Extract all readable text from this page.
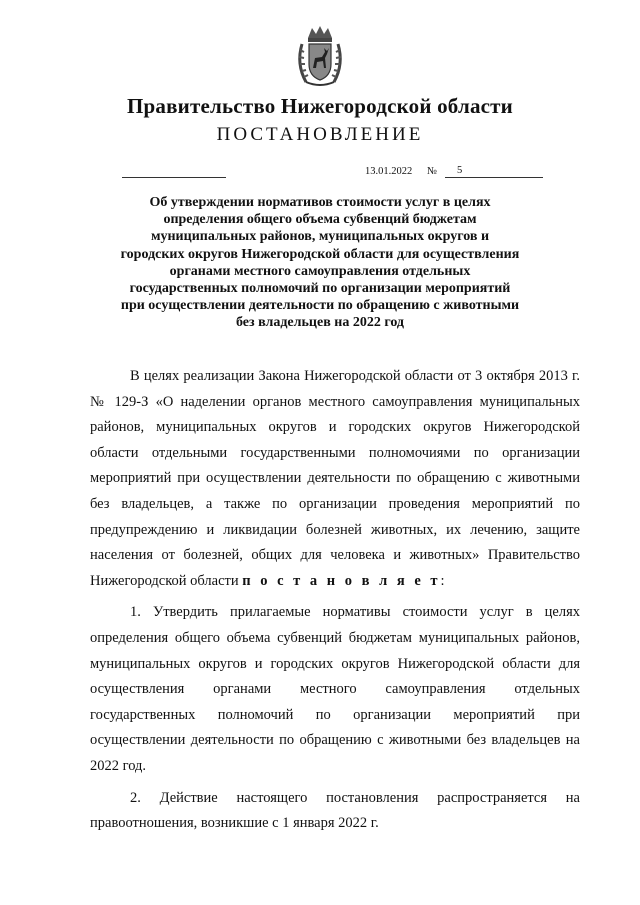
Правительство Нижегородской области
ПОСТАНОВЛЕНИЕ
13.01.2022 №	5
Об утверждении нормативов стоимости услуг в целях определения общего объема субвенций бюджетам муниципальных районов, муниципальных округов и городских округов Нижегородской области для осуществления органами местного самоуправления отдельных государственных полномочий по организации мероприятий при осуществлении деятельности по обращению с животными без владельцев на 2022 год

В целях реализации Закона Нижегородской области от 3 октября 2013 г. № 129-З «О наделении органов местного самоуправления муниципальных районов, муниципальных округов и городских округов Нижегородской области отдельными государственными полномочиями по организации мероприятий при осуществлении деятельности по обращению с животными без владельцев, а также по организации проведения мероприятий по предупреждению и ликвидации болезней животных, их лечению, защите населения от болезней, общих для человека и животных» Правительство Нижегородской области п о с т а н о в л я е т:

1. Утвердить прилагаемые нормативы стоимости услуг в целях определения общего объема субвенций бюджетам муниципальных районов, муниципальных округов и городских округов Нижегородской области для осуществления органами местного самоуправления отдельных государственных полномочий по организации мероприятий при осуществлении деятельности по обращению с животными без владельцев на 2022 год.

2. Действие настоящего постановления распространяется на правоотношения, возникшие с 1 января 2022 г.
